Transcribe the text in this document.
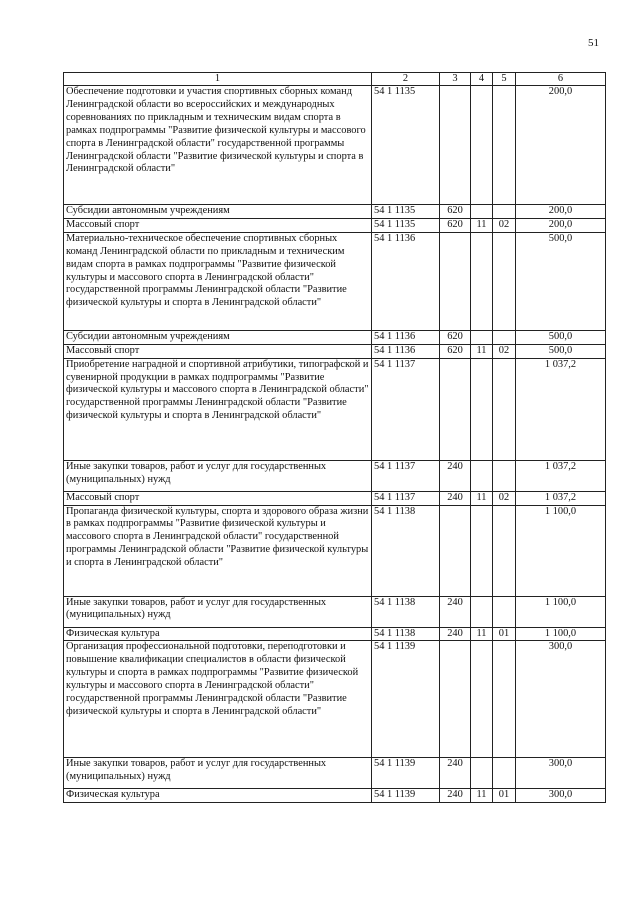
51
1	2	3	4	5	6
Обеспечение подготовки и участия спортивных сборных команд Ленинградской области во всероссийских и международных соревнованиях по прикладным и техническим видам спорта в рамках подпрограммы "Развитие физической культуры и массового спорта в Ленинградской области" государственной программы Ленинградской области "Развитие физической культуры и спорта в Ленинградской области"	54 1 1135				200,0
Субсидии автономным учреждениям	54 1 1135	620			200,0
Массовый спорт	54 1 1135	620	11	02	200,0
Материально-техническое обеспечение спортивных сборных команд Ленинградской области по прикладным и техническим видам спорта в рамках подпрограммы "Развитие физической культуры и массового спорта в Ленинградской области" государственной программы Ленинградской области "Развитие физической культуры и спорта в Ленинградской области"	54 1 1136				500,0
Субсидии автономным учреждениям	54 1 1136	620			500,0
Массовый спорт	54 1 1136	620	11	02	500,0
Приобретение наградной и спортивной атрибутики, типографской и сувенирной продукции в рамках подпрограммы "Развитие физической культуры и массового спорта в Ленинградской области" государственной программы Ленинградской области "Развитие физической культуры и спорта в Ленинградской области"	54 1 1137				1 037,2
Иные закупки товаров, работ и услуг для государственных (муниципальных) нужд	54 1 1137	240			1 037,2
Массовый спорт	54 1 1137	240	11	02	1 037,2
Пропаганда физической культуры, спорта и здорового образа жизни в рамках подпрограммы "Развитие физической культуры и массового спорта в Ленинградской области" государственной программы Ленинградской области "Развитие физической культуры и спорта в Ленинградской области"	54 1 1138				1 100,0
Иные закупки товаров, работ и услуг для государственных (муниципальных) нужд	54 1 1138	240			1 100,0
Физическая культура	54 1 1138	240	11	01	1 100,0
Организация профессиональной подготовки, переподготовки и повышение квалификации специалистов в области физической культуры и спорта в рамках подпрограммы "Развитие физической культуры и массового спорта в Ленинградской области" государственной программы Ленинградской области "Развитие физической культуры и спорта в Ленинградской области"	54 1 1139				300,0
Иные закупки товаров, работ и услуг для государственных (муниципальных) нужд	54 1 1139	240			300,0
Физическая культура	54 1 1139	240	11	01	300,0
